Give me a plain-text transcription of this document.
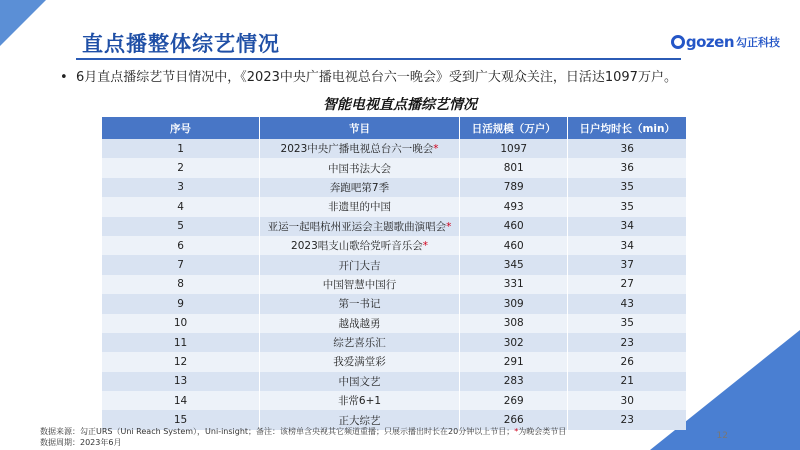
直点播整体综艺情况	gozen 勾正科技
• 6月直点播综艺节目情况中，《2023中央广播电视总台六一晚会》受到广大观众关注，日活达1097万户。
智能电视直点播综艺情况
序号	节目	日活规模（万户）	日户均时长（min）
1	2023中央广播电视总台六一晚会*	1097	36
2	中国书法大会	801	36
3	奔跑吧第7季	789	35
4	非遗里的中国	493	35
5	亚运一起唱杭州亚运会主题歌曲演唱会*	460	34
6	2023唱支山歌给党听音乐会*	460	34
7	开门大吉	345	37
8	中国智慧中国行	331	27
9	第一书记	309	43
10	越战越勇	308	35
11	综艺喜乐汇	302	23
12	我爱满堂彩	291	26
13	中国文艺	283	21
14	非常6+1	269	30
15	正大综艺	266	23
数据来源：勾正URS（Uni Reach System），Uni-insight；备注：该榜单含央视其它频道重播；只展示播出时长在20分钟以上节目；*为晚会类节目
数据周期：2023年6月
12
